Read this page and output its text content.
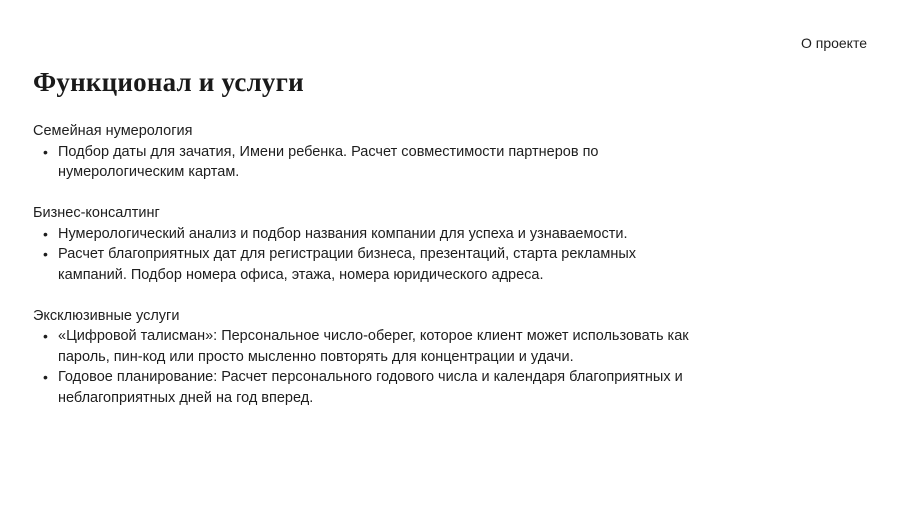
О проекте
Функционал и услуги
Семейная нумерология
• Подбор даты для зачатия, Имени ребенка. Расчет совместимости партнеров по нумерологическим картам.
Бизнес-консалтинг
• Нумерологический анализ и подбор названия компании для успеха и узнаваемости.
• Расчет благоприятных дат для регистрации бизнеса, презентаций, старта рекламных кампаний. Подбор номера офиса, этажа, номера юридического адреса.
Эксклюзивные услуги
• «Цифровой талисман»: Персональное число-оберег, которое клиент может использовать как пароль, пин-код или просто мысленно повторять для концентрации и удачи.
• Годовое планирование: Расчет персонального годового числа и календаря благоприятных и неблагоприятных дней на год вперед.
